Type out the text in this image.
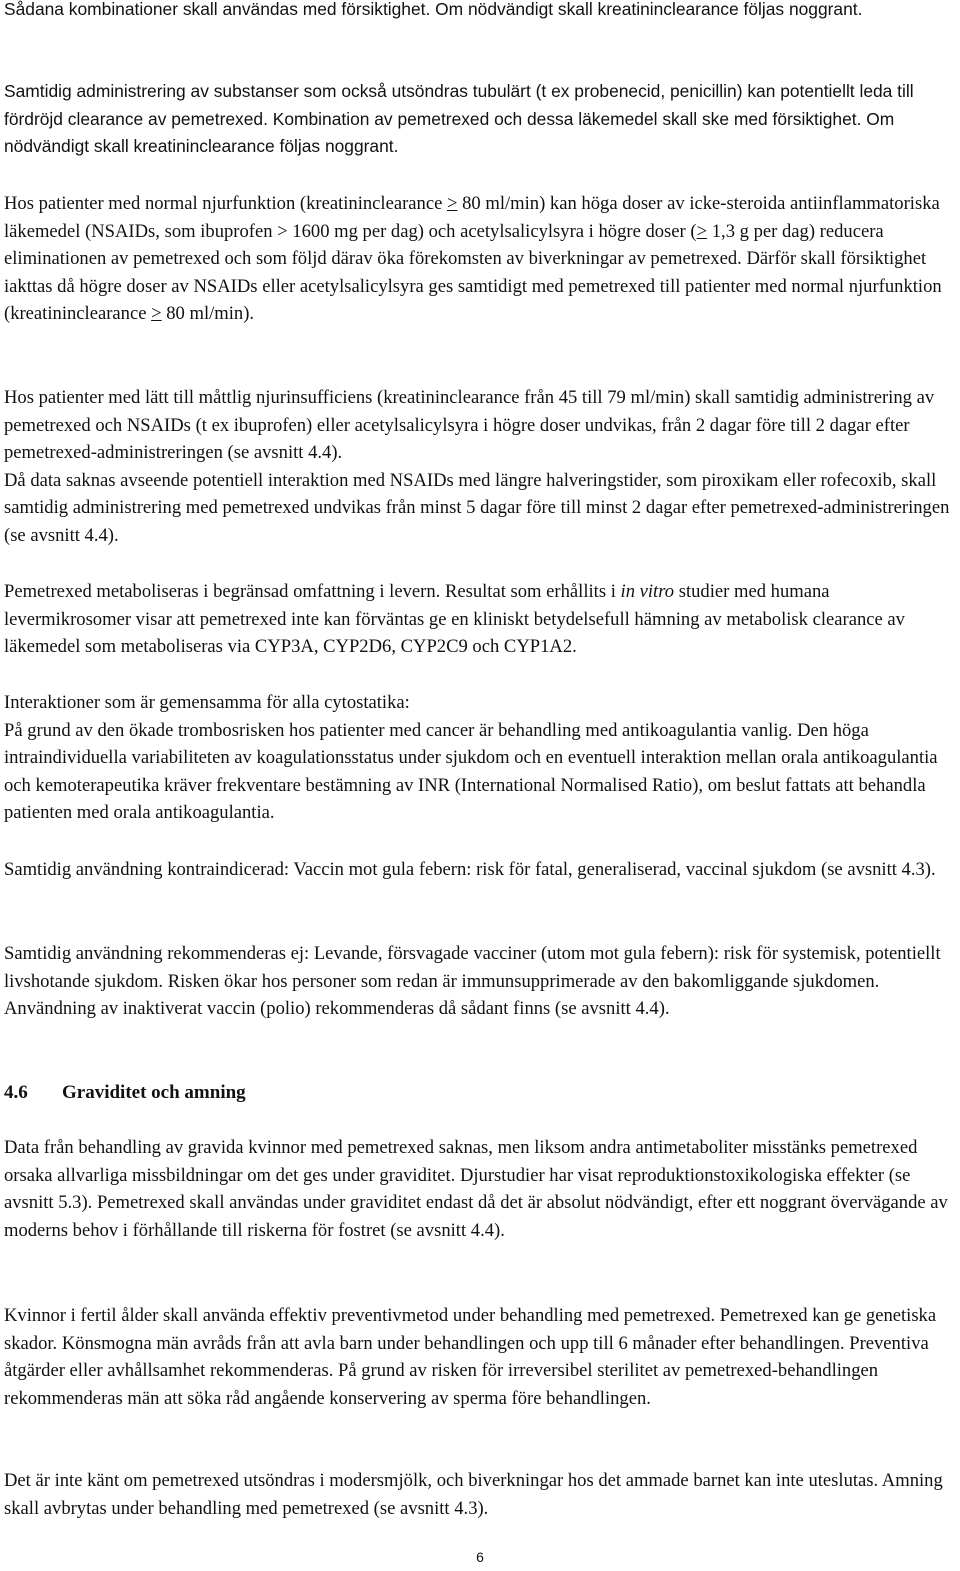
Sådana kombinationer skall användas med försiktighet. Om nödvändigt skall kreatininclearance följas noggrant.

Samtidig administrering av substanser som också utsöndras tubulärt (t ex probenecid, penicillin) kan potentiellt leda till fördröjd clearance av pemetrexed. Kombination av pemetrexed och dessa läkemedel skall ske med försiktighet. Om nödvändigt skall kreatininclearance följas noggrant.

Hos patienter med normal njurfunktion (kreatininclearance ≥ 80 ml/min) kan höga doser av icke-steroida antiinflammatoriska läkemedel (NSAIDs, som ibuprofen > 1600 mg per dag) och acetylsalicylsyra i högre doser (≥ 1,3 g per dag) reducera eliminationen av pemetrexed och som följd därav öka förekomsten av biverkningar av pemetrexed. Därför skall försiktighet iakttas då högre doser av NSAIDs eller acetylsalicylsyra ges samtidigt med pemetrexed till patienter med normal njurfunktion (kreatininclearance ≥ 80 ml/min).

Hos patienter med lätt till måttlig njurinsufficiens (kreatininclearance från 45 till 79 ml/min) skall samtidig administrering av pemetrexed och NSAIDs (t ex ibuprofen) eller acetylsalicylsyra i högre doser undvikas, från 2 dagar före till 2 dagar efter pemetrexed-administreringen (se avsnitt 4.4).

Då data saknas avseende potentiell interaktion med NSAIDs med längre halveringstider, som piroxikam eller rofecoxib, skall samtidig administrering med pemetrexed undvikas från minst 5 dagar före till minst 2 dagar efter pemetrexed-administreringen (se avsnitt 4.4).

Pemetrexed metaboliseras i begränsad omfattning i levern. Resultat som erhållits i in vitro studier med humana levermikrosomer visar att pemetrexed inte kan förväntas ge en kliniskt betydelsefull hämning av metabolisk clearance av läkemedel som metaboliseras via CYP3A, CYP2D6, CYP2C9 och CYP1A2.

Interaktioner som är gemensamma för alla cytostatika:

På grund av den ökade trombosrisken hos patienter med cancer är behandling med antikoagulantia vanlig. Den höga intraindividuella variabiliteten av koagulationsstatus under sjukdom och en eventuell interaktion mellan orala antikoagulantia och kemoterapeutika kräver frekventare bestämning av INR (International Normalised Ratio), om beslut fattats att behandla patienten med orala antikoagulantia.

Samtidig användning kontraindicerad: Vaccin mot gula febern: risk för fatal, generaliserad, vaccinal sjukdom (se avsnitt 4.3).

Samtidig användning rekommenderas ej: Levande, försvagade vacciner (utom mot gula febern): risk för systemisk, potentiellt livshotande sjukdom. Risken ökar hos personer som redan är immunsupprimerade av den bakomliggande sjukdomen. Användning av inaktiverat vaccin (polio) rekommenderas då sådant finns (se avsnitt 4.4).

4.6 Graviditet och amning

Data från behandling av gravida kvinnor med pemetrexed saknas, men liksom andra antimetaboliter misstänks pemetrexed orsaka allvarliga missbildningar om det ges under graviditet. Djurstudier har visat reproduktionstoxikologiska effekter (se avsnitt 5.3). Pemetrexed skall användas under graviditet endast då det är absolut nödvändigt, efter ett noggrant övervägande av moderns behov i förhållande till riskerna för fostret (se avsnitt 4.4).

Kvinnor i fertil ålder skall använda effektiv preventivmetod under behandling med pemetrexed. Pemetrexed kan ge genetiska skador. Könsmogna män avråds från att avla barn under behandlingen och upp till 6 månader efter behandlingen. Preventiva åtgärder eller avhållsamhet rekommenderas. På grund av risken för irreversibel sterilitet av pemetrexed-behandlingen rekommenderas män att söka råd angående konservering av sperma före behandlingen.

Det är inte känt om pemetrexed utsöndras i modersmjölk, och biverkningar hos det ammade barnet kan inte uteslutas. Amning skall avbrytas under behandling med pemetrexed (se avsnitt 4.3).

6
